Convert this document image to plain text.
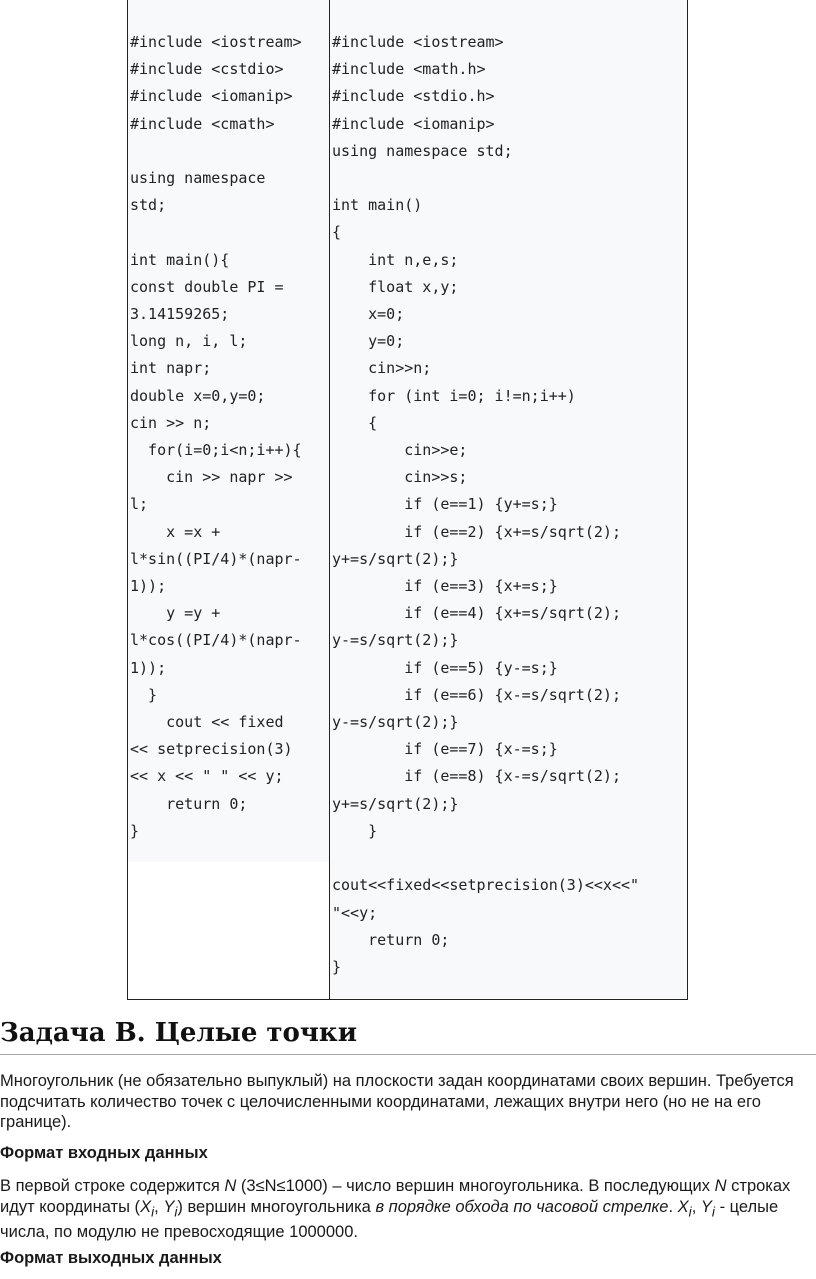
#include <iostream>
#include <cstdio>
#include <iomanip>
#include <cmath>

using namespace
std;

int main(){
const double PI =
3.14159265;
long n, i, l;
int napr;
double x=0,y=0;
cin >> n;
for(i=0;i<n;i++){
cin >> napr >>
l;
x =x +
l*sin((PI/4)*(napr-
1));
y =y +
l*cos((PI/4)*(napr-
1));
}
cout << fixed
<< setprecision(3)
<< x << " " << y;
return 0;
}
#include <iostream>
#include <math.h>
#include <stdio.h>
#include <iomanip>
using namespace std;

int main()
{
int n,e,s;
float x,y;
x=0;
y=0;
cin>>n;
for (int i=0; i!=n;i++)
{
cin>>e;
cin>>s;
if (e==1) {y+=s;}
if (e==2) {x+=s/sqrt(2);
y+=s/sqrt(2);}
if (e==3) {x+=s;}
if (e==4) {x+=s/sqrt(2);
y-=s/sqrt(2);}
if (e==5) {y-=s;}
if (e==6) {x-=s/sqrt(2);
y-=s/sqrt(2);}
if (e==7) {x-=s;}
if (e==8) {x-=s/sqrt(2);
y+=s/sqrt(2);}
}

cout<<fixed<<setprecision(3)<<x<<"
"<<y;
return 0;
}
Задача B. Целые точки

Многоугольник (не обязательно выпуклый) на плоскости задан координатами своих вершин. Требуется подсчитать количество точек с целочисленными координатами, лежащих внутри него (но не на его границе).

Формат входных данных

В первой строке содержится N (3≤N≤1000) – число вершин многоугольника. В последующих N строках идут координаты ($X_i$, $Y_i$) вершин многоугольника в порядке обхода по часовой стрелке. $X_i$, $Y_i$ - целые числа, по модулю не превосходящие 1000000.

Формат выходных данных
